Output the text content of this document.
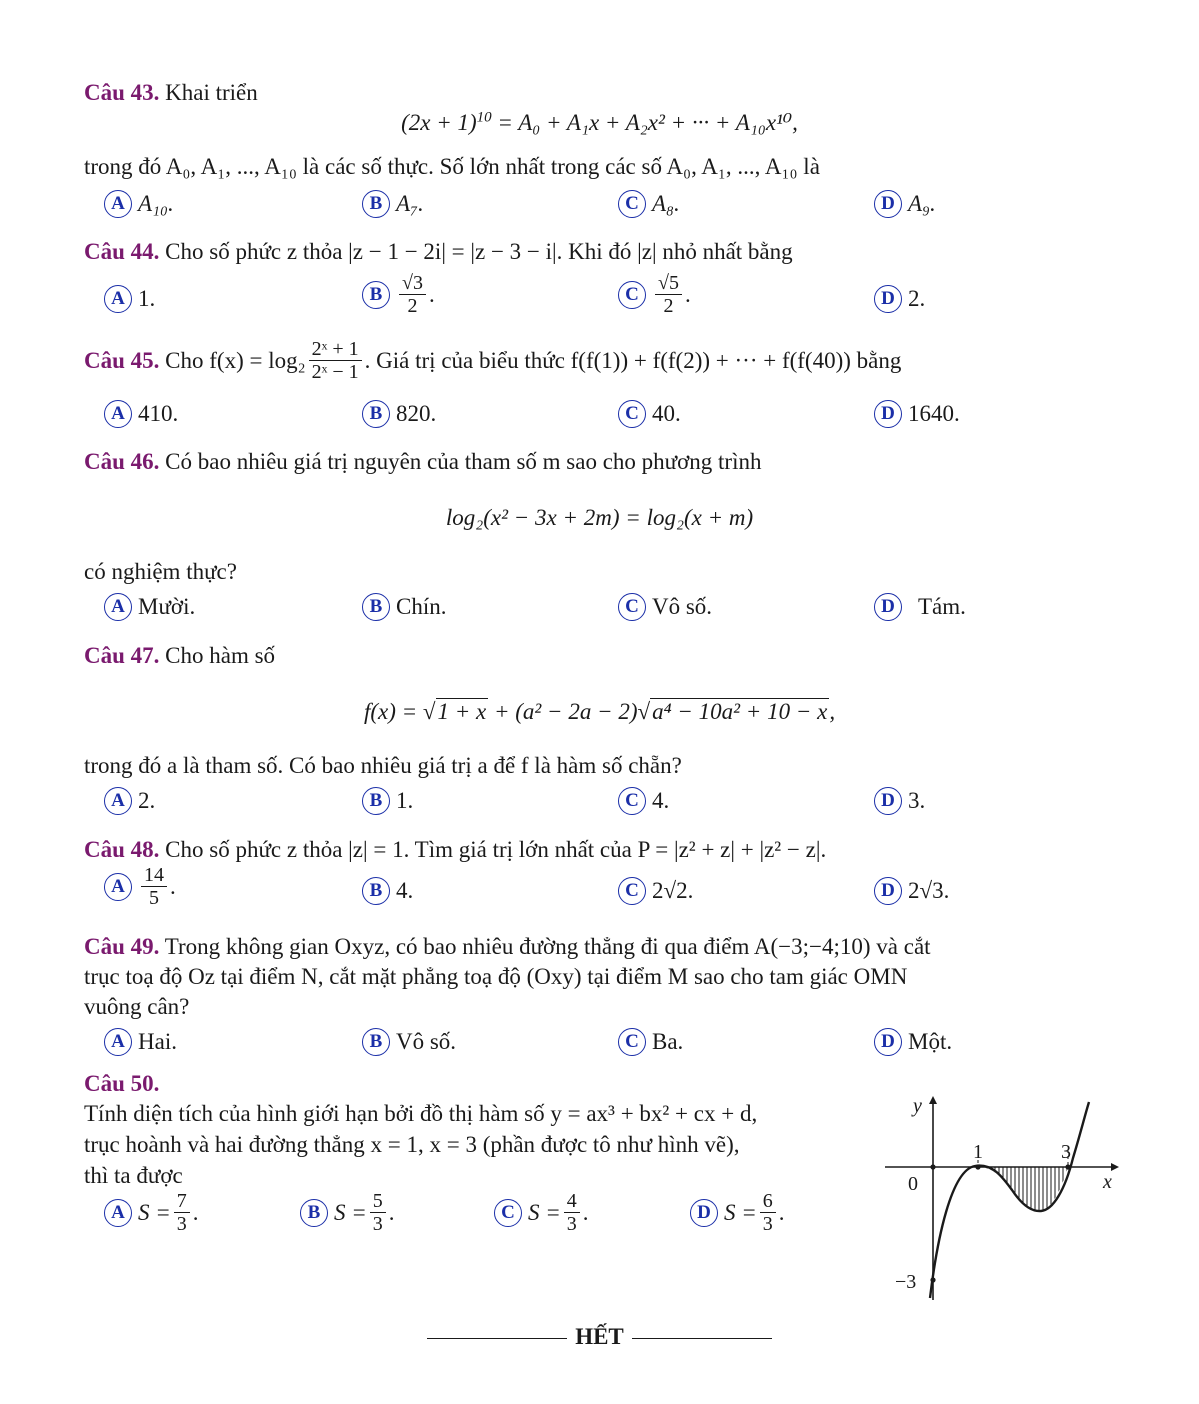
Câu 43. Khai triển
$(2x + 1)^{10} = A_0 + A_1x + A_2x^2$ + ··· + A₁₀x¹⁰,
trong đó A₀, A₁, ..., A₁₀ là các số thực. Số lớn nhất trong các số A₀, A₁, ..., A₁₀ là
A A₁₀.	B A₇.	C A₈.	D A₉.
Câu 44. Cho số phức z thỏa |z − 1 − 2i| = |z − 3 − i|. Khi đó |z| nhỏ nhất bằng
A 1.	B $\frac{√3}{2}$ .	C $\frac{√5}{2}$ .	D 2.
Câu 45.
Cho $f(x) = \log_2 \frac{\text{2ˣ + 1}}{\text{2ˣ − 1}}$ . Giá trị của biểu thức f(f(1)) + f(f(2)) + ··· + f(f(40)) bằng
A 410.	B 820.	C 40.	D 1640.
Câu 46. Có bao nhiêu giá trị nguyên của tham số m sao cho phương trình
log₂(x² − 3x + 2m) = log₂(x + m)
có nghiệm thực?
A Mười.	B Chín.	C Vô số.	D	Tám.
Câu 47. Cho hàm số
f(x) = √1 + x + (a² − 2a − 2)√a⁴ − 10a² + 10 − x,
trong đó a là tham số. Có bao nhiêu giá trị a để f là hàm số chẵn?
A 2.	B 1.	C 4.	D 3.
Câu 48. Cho số phức z thỏa |z| = 1. Tìm giá trị lớn nhất của P = |z² + z| + |z² − z|.
A $\frac{14}{5}$ .	B 4.	C 2√2.	D 2√3.
Câu 49. Trong không gian Oxyz, có bao nhiêu đường thẳng đi qua điểm A(−3;−4;10) và cắt
trục toạ độ Oz tại điểm N, cắt mặt phẳng toạ độ (Oxy) tại điểm M sao cho tam giác OMN
vuông cân?
A Hai.	B Vô số.	C Ba.	D Một.
Câu 50.
Tính diện tích của hình giới hạn bởi đồ thị hàm số y = ax³ + bx² + cx + d,
trục hoành và hai đường thẳng x = 1, x = 3 (phần được tô như hình vẽ),
thì ta được
A $S = \frac{7}{3}$ .	B $S = \frac{5}{3}$ .	C $S = \frac{4}{3}$ .	D $S = \frac{6}{3}$ .
y
x
0
1	3
−3
HẾT
